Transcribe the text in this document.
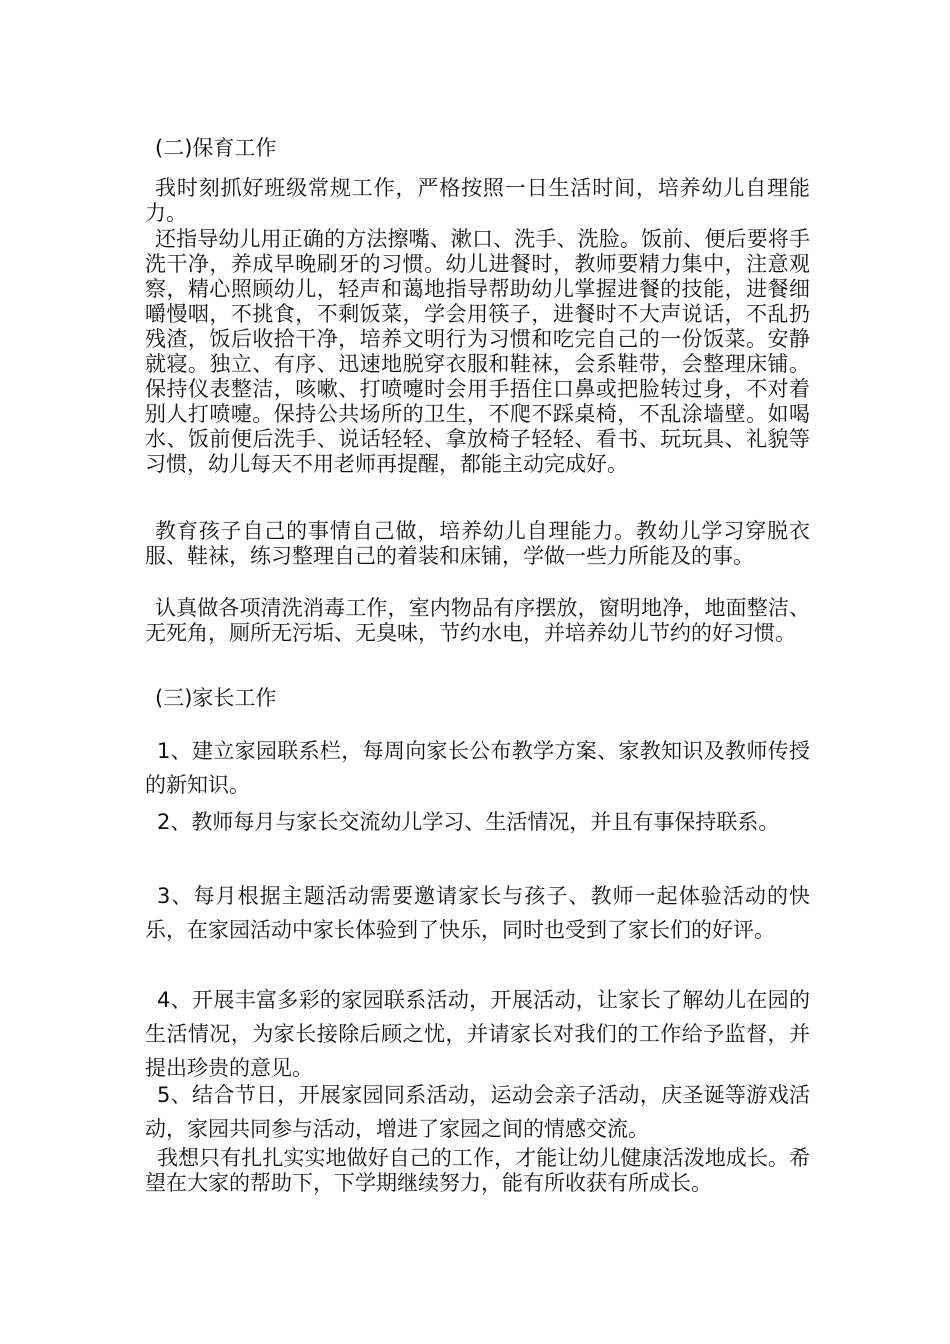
(二)保育工作

我时刻抓好班级常规工作，严格按照一日生活时间，培养幼儿自理能力。

还指导幼儿用正确的方法擦嘴、漱口、洗手、洗脸。饭前、便后要将手洗干净，养成早晚刷牙的习惯。幼儿进餐时，教师要精力集中，注意观察，精心照顾幼儿，轻声和蔼地指导帮助幼儿掌握进餐的技能，进餐细嚼慢咽，不挑食，不剩饭菜，学会用筷子，进餐时不大声说话，不乱扔残渣，饭后收拾干净，培养文明行为习惯和吃完自己的一份饭菜。安静就寝。独立、有序、迅速地脱穿衣服和鞋袜，会系鞋带，会整理床铺。保持仪表整洁，咳嗽、打喷嚏时会用手捂住口鼻或把脸转过身，不对着别人打喷嚏。保持公共场所的卫生，不爬不踩桌椅，不乱涂墙壁。如喝水、饭前便后洗手、说话轻轻、拿放椅子轻轻、看书、玩玩具、礼貌等习惯，幼儿每天不用老师再提醒，都能主动完成好。

教育孩子自己的事情自己做，培养幼儿自理能力。教幼儿学习穿脱衣服、鞋袜，练习整理自己的着装和床铺，学做一些力所能及的事。

认真做各项清洗消毒工作，室内物品有序摆放，窗明地净，地面整洁、无死角，厕所无污垢、无臭味，节约水电，并培养幼儿节约的好习惯。

(三)家长工作

1、建立家园联系栏，每周向家长公布教学方案、家教知识及教师传授的新知识。

2、教师每月与家长交流幼儿学习、生活情况，并且有事保持联系。

3、每月根据主题活动需要邀请家长与孩子、教师一起体验活动的快乐，在家园活动中家长体验到了快乐，同时也受到了家长们的好评。

4、开展丰富多彩的家园联系活动，开展活动，让家长了解幼儿在园的生活情况，为家长接除后顾之忧，并请家长对我们的工作给予监督，并提出珍贵的意见。

5、结合节日，开展家园同系活动，运动会亲子活动，庆圣诞等游戏活动，家园共同参与活动，增进了家园之间的情感交流。

我想只有扎扎实实地做好自己的工作，才能让幼儿健康活泼地成长。希望在大家的帮助下，下学期继续努力，能有所收获有所成长。
